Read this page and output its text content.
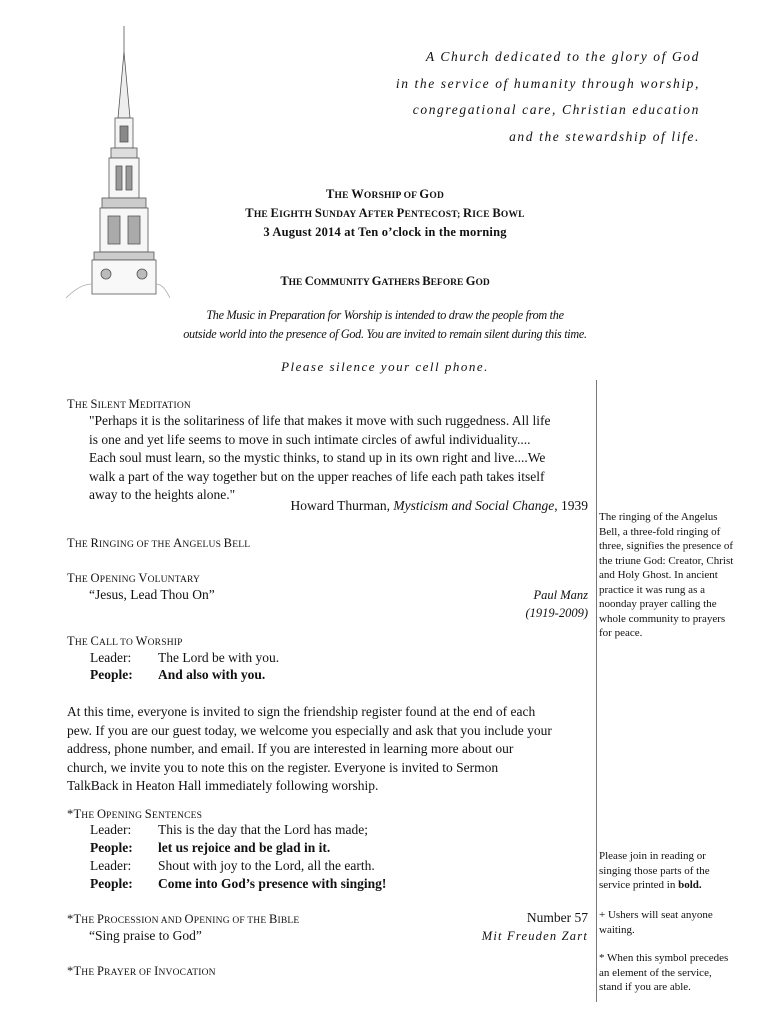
A Church dedicated to the glory of God
in the service of humanity through worship,
congregational care, Christian education
and the stewardship of life.
THE WORSHIP OF GOD
THE EIGHTH SUNDAY AFTER PENTECOST; RICE BOWL
3 August 2014 at Ten o’clock in the morning
THE COMMUNITY GATHERS BEFORE GOD
The Music in Preparation for Worship is intended to draw the people from the
outside world into the presence of God. You are invited to remain silent during this time.
Please silence your cell phone.
THE SILENT MEDITATION
"Perhaps it is the solitariness of life that makes it move with such ruggedness. All life
is one and yet life seems to move in such intimate circles of awful individuality....
Each soul must learn, so the mystic thinks, to stand up in its own right and live....We
walk a part of the way together but on the upper reaches of life each path takes itself
away to the heights alone."
Howard Thurman, Mysticism and Social Change, 1939
THE RINGING OF THE ANGELUS BELL
THE OPENING VOLUNTARY
“Jesus, Lead Thou On”	Paul Manz
(1919-2009)
THE CALL TO WORSHIP
Leader: The Lord be with you.
People: And also with you.
At this time, everyone is invited to sign the friendship register found at the end of each
pew. If you are our guest today, we welcome you especially and ask that you include your
address, phone number, and email. If you are interested in learning more about our
church, we invite you to note this on the register. Everyone is invited to Sermon
TalkBack in Heaton Hall immediately following worship.
*THE OPENING SENTENCES
Leader: This is the day that the Lord has made;
People: let us rejoice and be glad in it.
Leader: Shout with joy to the Lord, all the earth.
People: Come into God’s presence with singing!
*THE PROCESSION AND OPENING OF THE BIBLE	Number 57
“Sing praise to God”	Mit Freuden Zart
*THE PRAYER OF INVOCATION
The ringing of the Angelus
Bell, a three-fold ringing of
three, signifies the presence of
the triune God: Creator, Christ
and Holy Ghost. In ancient
practice it was rung as a
noonday prayer calling the
whole community to prayers
for peace.
Please join in reading or
singing those parts of the
service printed in bold.
+ Ushers will seat anyone
waiting.
* When this symbol precedes
an element of the service,
stand if you are able.
